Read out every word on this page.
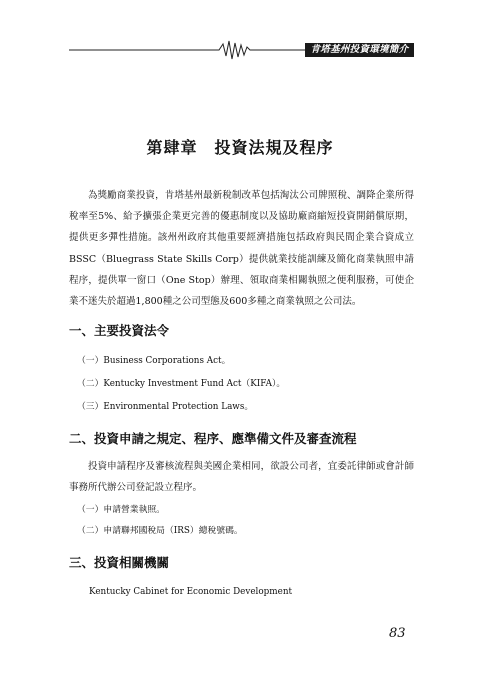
肯塔基州投資環境簡介
第肆章　投資法規及程序

為獎勵商業投資，肯塔基州最新稅制改革包括淘汰公司牌照稅、調降企業所得稅率至5%、給予擴張企業更完善的優惠制度以及協助廠商縮短投資開銷償原期，提供更多彈性措施。該州州政府其他重要經濟措施包括政府與民間企業合資成立BSSC（Bluegrass State Skills Corp）提供就業技能訓練及簡化商業執照申請程序，提供單一窗口（One Stop）辦理、領取商業相關執照之便利服務，可使企業不迷失於超過1,800種之公司型態及600多種之商業執照之公司法。

一、主要投資法令

（一）Business Corporations Act。

（二）Kentucky Investment Fund Act（KIFA）。

（三）Environmental Protection Laws。

二、投資申請之規定、程序、應準備文件及審查流程

投資申請程序及審核流程與美國企業相同，欲設公司者，宜委託律師或會計師事務所代辦公司登記設立程序。

（一）申請營業執照。

（二）申請聯邦國稅局（IRS）總稅號碼。

三、投資相關機關

Kentucky Cabinet for Economic Development

83
